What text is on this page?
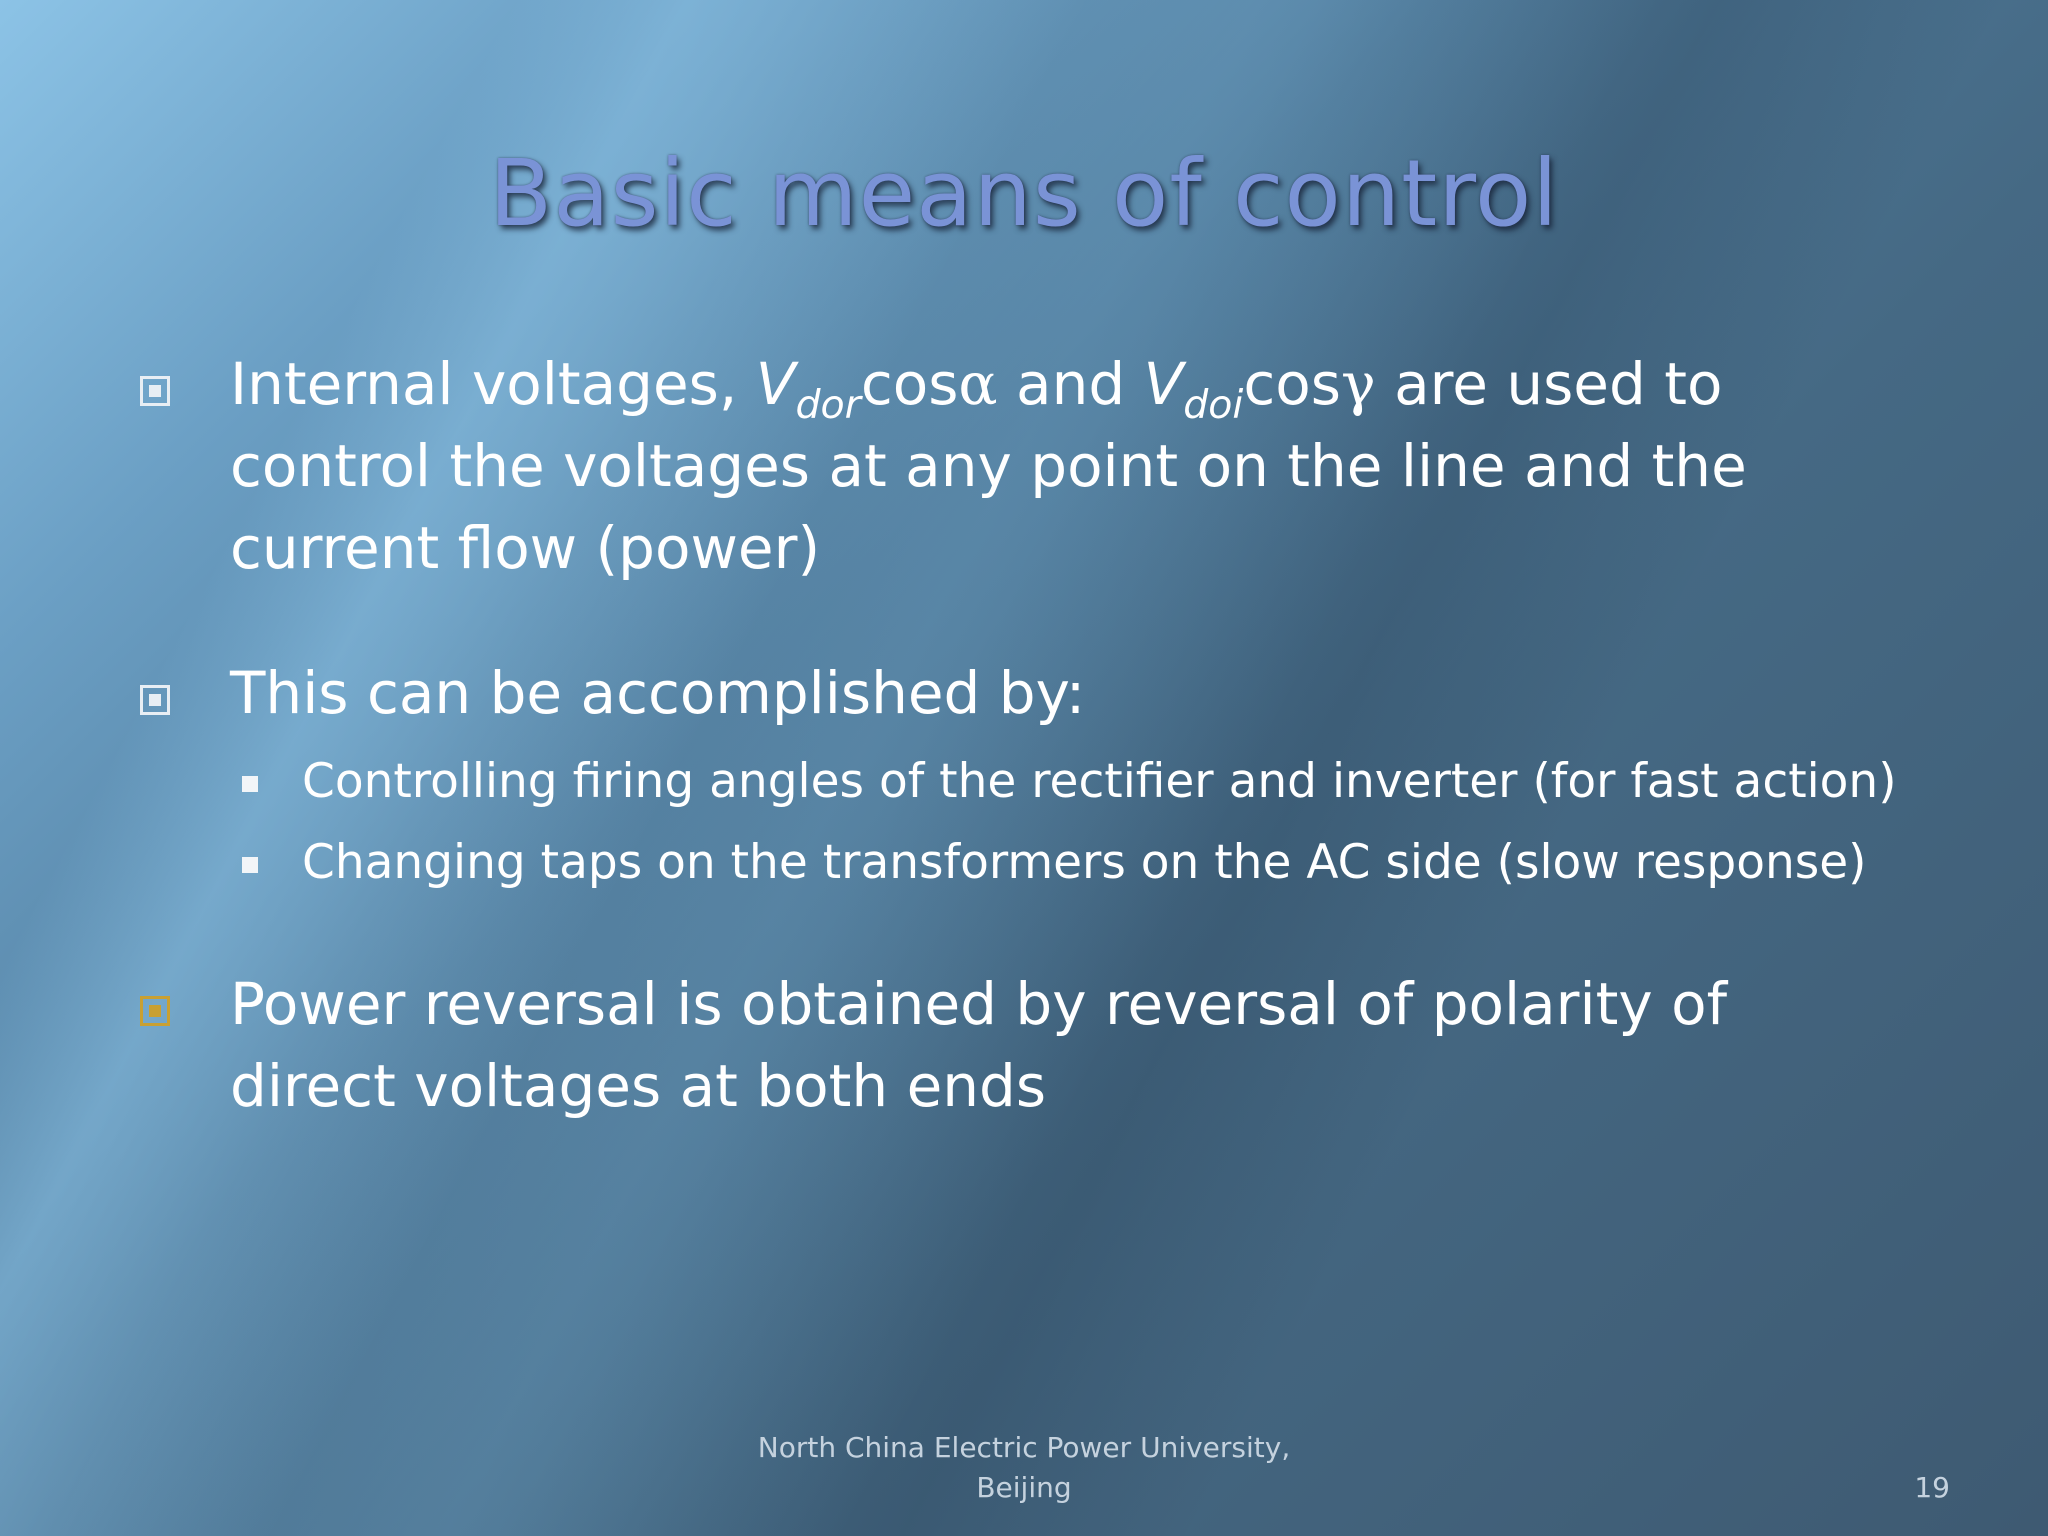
Basic means of control
Internal voltages, $V_{dor}\cos\alpha$ and $V_{doi}\cos\gamma$ are used to control the voltages at any point on the line and the current flow (power)
This can be accomplished by:
Controlling firing angles of the rectifier and inverter (for fast action)
Changing taps on the transformers on the AC side (slow response)
Power reversal is obtained by reversal of polarity of direct voltages at both ends
North China Electric Power University,
Beijing	19
